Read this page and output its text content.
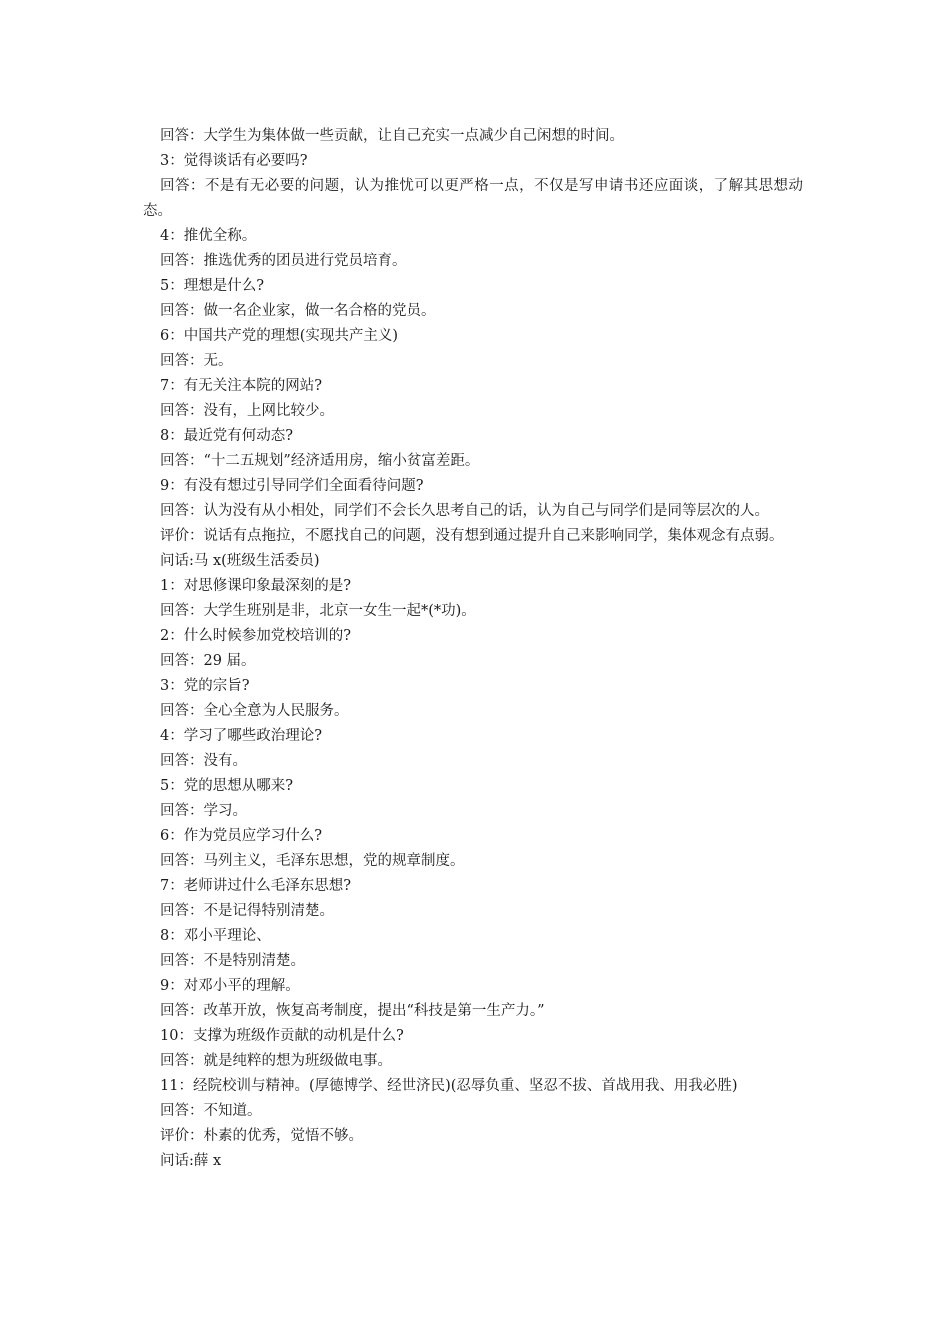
回答：大学生为集体做一些贡献，让自己充实一点减少自己闲想的时间。

3：觉得谈话有必要吗?

回答：不是有无必要的问题，认为推忧可以更严格一点，不仅是写申请书还应面谈，了解其思想动态。

4：推优全称。

回答：推选优秀的团员进行党员培育。

5：理想是什么?

回答：做一名企业家，做一名合格的党员。

6：中国共产党的理想(实现共产主义)

回答：无。

7：有无关注本院的网站?

回答：没有，上网比较少。

8：最近党有何动态?

回答：“十二五规划”经济适用房，缩小贫富差距。

9：有没有想过引导同学们全面看待问题?

回答：认为没有从小相处，同学们不会长久思考自己的话，认为自己与同学们是同等层次的人。

评价：说话有点拖拉，不愿找自己的问题，没有想到通过提升自己来影响同学，集体观念有点弱。

问话:马 x(班级生活委员)

1：对思修课印象最深刻的是?

回答：大学生班别是非，北京一女生一起*(*功)。

2：什么时候参加党校培训的?

回答：29 届。

3：党的宗旨?

回答：全心全意为人民服务。

4：学习了哪些政治理论?

回答：没有。

5：党的思想从哪来?

回答：学习。

6：作为党员应学习什么?

回答：马列主义，毛泽东思想，党的规章制度。

7：老师讲过什么毛泽东思想?

回答：不是记得特别清楚。

8：邓小平理论、

回答：不是特别清楚。

9：对邓小平的理解。

回答：改革开放，恢复高考制度，提出“科技是第一生产力。”

10：支撑为班级作贡献的动机是什么?

回答：就是纯粹的想为班级做电事。

11：经院校训与精神。(厚德博学、经世济民)(忍辱负重、坚忍不拔、首战用我、用我必胜)

回答：不知道。

评价：朴素的优秀，觉悟不够。

问话:薛 x
